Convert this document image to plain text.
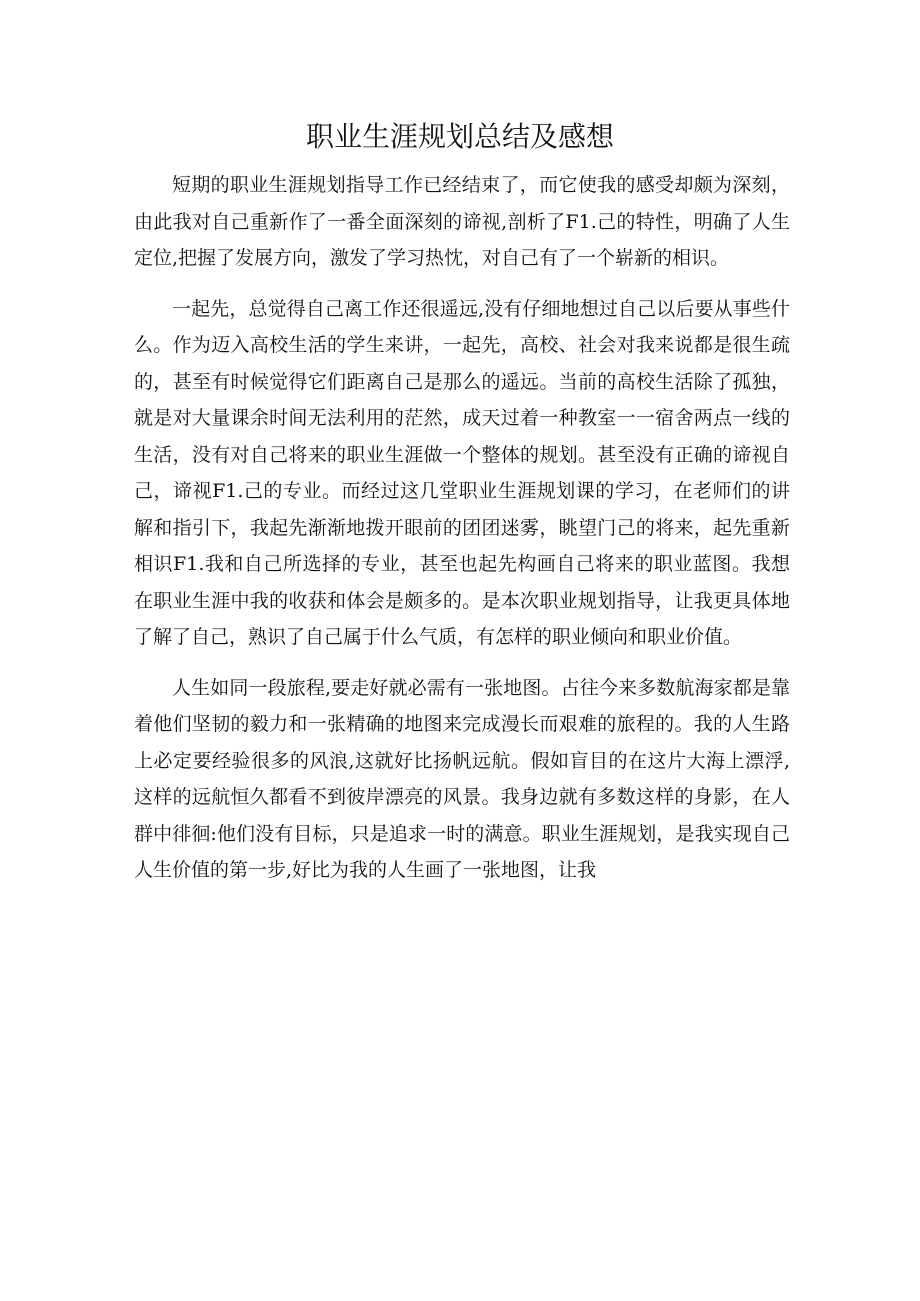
职业生涯规划总结及感想

短期的职业生涯规划指导工作已经结束了，而它使我的感受却颇为深刻，由此我对自己重新作了一番全面深刻的谛视,剖析了F1.己的特性，明确了人生定位,把握了发展方向，激发了学习热忱，对自己有了一个崭新的相识。

一起先，总觉得自己离工作还很遥远,没有仔细地想过自己以后要从事些什么。作为迈入高校生活的学生来讲，一起先，高校、社会对我来说都是很生疏的，甚至有时候觉得它们距离自己是那么的遥远。当前的高校生活除了孤独，就是对大量课余时间无法利用的茫然，成天过着一种教室一一宿舍两点一线的生活，没有对自己将来的职业生涯做一个整体的规划。甚至没有正确的谛视自己，谛视F1.己的专业。而经过这几堂职业生涯规划课的学习，在老师们的讲解和指引下，我起先渐渐地拨开眼前的团团迷雾，眺望门己的将来，起先重新相识F1.我和自己所选择的专业，甚至也起先构画自己将来的职业蓝图。我想在职业生涯中我的收获和体会是颇多的。是本次职业规划指导，让我更具体地了解了自己，熟识了自己属于什么气质，有怎样的职业倾向和职业价值。

人生如同一段旅程,要走好就必需有一张地图。占往今来多数航海家都是靠着他们坚韧的毅力和一张精确的地图来完成漫长而艰难的旅程的。我的人生路上必定要经验很多的风浪,这就好比扬帆远航。假如盲目的在这片大海上漂浮,这样的远航恒久都看不到彼岸漂亮的风景。我身边就有多数这样的身影，在人群中徘徊:他们没有目标，只是追求一时的满意。职业生涯规划，是我实现自己人生价值的第一步,好比为我的人生画了一张地图，让我
